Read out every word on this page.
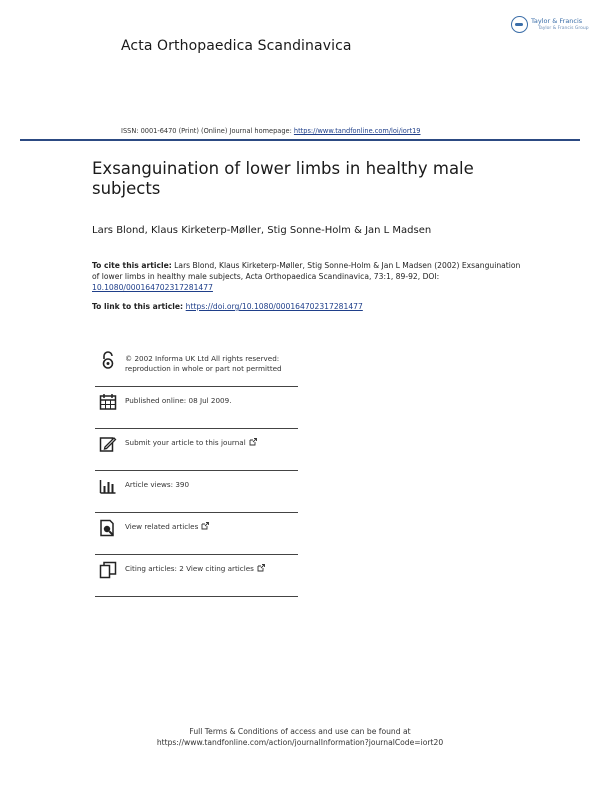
Acta Orthopaedica Scandinavica
Taylor & Francis
Taylor & Francis Group
ISSN: 0001-6470 (Print) (Online) Journal homepage: https://www.tandfonline.com/loi/iort19
Exsanguination of lower limbs in healthy male subjects
Lars Blond, Klaus Kirketerp-Møller, Stig Sonne-Holm & Jan L Madsen
To cite this article: Lars Blond, Klaus Kirketerp-Møller, Stig Sonne-Holm & Jan L Madsen (2002) Exsanguination of lower limbs in healthy male subjects, Acta Orthopaedica Scandinavica, 73:1, 89-92, DOI: 10.1080/000164702317281477
To link to this article: https://doi.org/10.1080/000164702317281477
© 2002 Informa UK Ltd All rights reserved:
reproduction in whole or part not permitted
Published online: 08 Jul 2009.
Submit your article to this journal
Article views: 390
View related articles
Citing articles: 2 View citing articles
Full Terms & Conditions of access and use can be found at
https://www.tandfonline.com/action/journalInformation?journalCode=iort20
